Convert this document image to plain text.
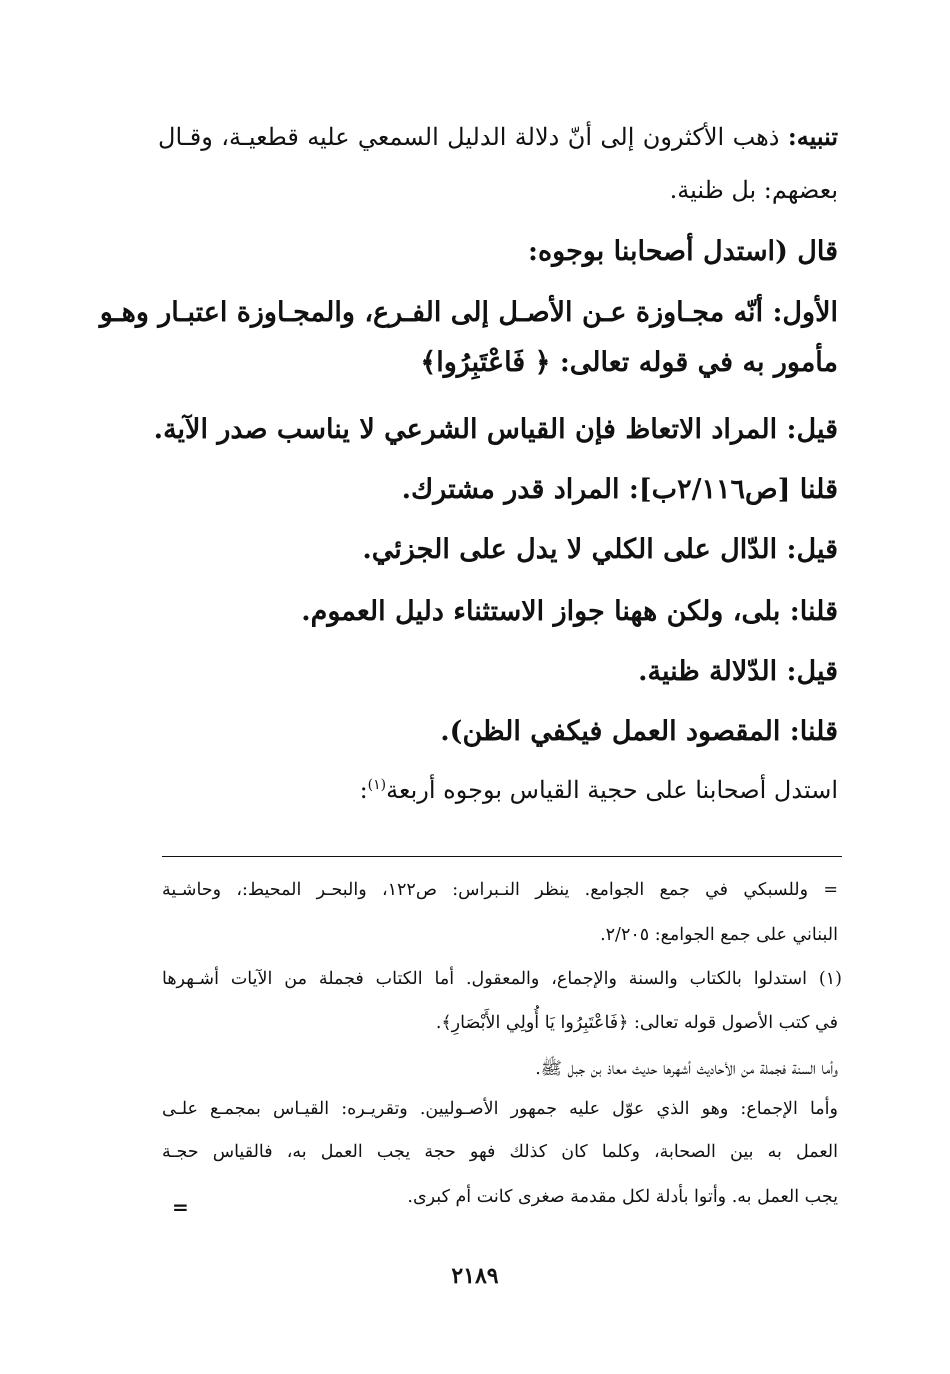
تنبيه: ذهب الأكثرون إلى أنّ دلالة الدليل السمعي عليه قطعيـة، وقـال
بعضهم: بل ظنية.
قال (استدل أصحابنا بوجوه:
الأول: أنّه مجـاوزة عـن الأصـل إلى الفـرع، والمجـاوزة اعتبـار وهـو
مأمور به في قوله تعالى: ﴿ فَاعْتَبِرُوا﴾
قيل: المراد الاتعاظ فإن القياس الشرعي لا يناسب صدر الآية.
قلنا [ص٢/١١٦ب]: المراد قدر مشترك.
قيل: الدّال على الكلي لا يدل على الجزئي.
قلنا: بلى، ولكن ههنا جواز الاستثناء دليل العموم.
قيل: الدّلالة ظنية.
قلنا: المقصود العمل فيكفي الظن).
استدل أصحابنا على حجية القياس بوجوه أربعة$^{(١)}$:
= وللسبكي في جمع الجوامع. ينظر النـبراس: ص١٢٢، والبحـر المحيط:، وحاشـية
البناني على جمع الجوامع: ٢/٢٠٥.
(١) استدلوا بالكتاب والسنة والإجماع، والمعقول. أما الكتاب فجملة من الآيات أشـهرها
في كتب الأصول قوله تعالى: ﴿فَاعْتَبِرُوا يَا أُولِي الأَبْصَارِ﴾.
وأما السنة فجملة من الأحاديث أشهرها حديث معاذ بن جبل ﷺ.
وأما الإجماع: وهو الذي عوّل عليه جمهور الأصـوليين. وتقريـره: القيـاس بمجمـع علـى
العمل به بين الصحابة، وكلما كان كذلك فهو حجة يجب العمل به، فالقياس حجـة
يجب العمل به. وأتوا بأدلة لكل مقدمة صغرى كانت أم كبرى.
=
٢١٨٩
